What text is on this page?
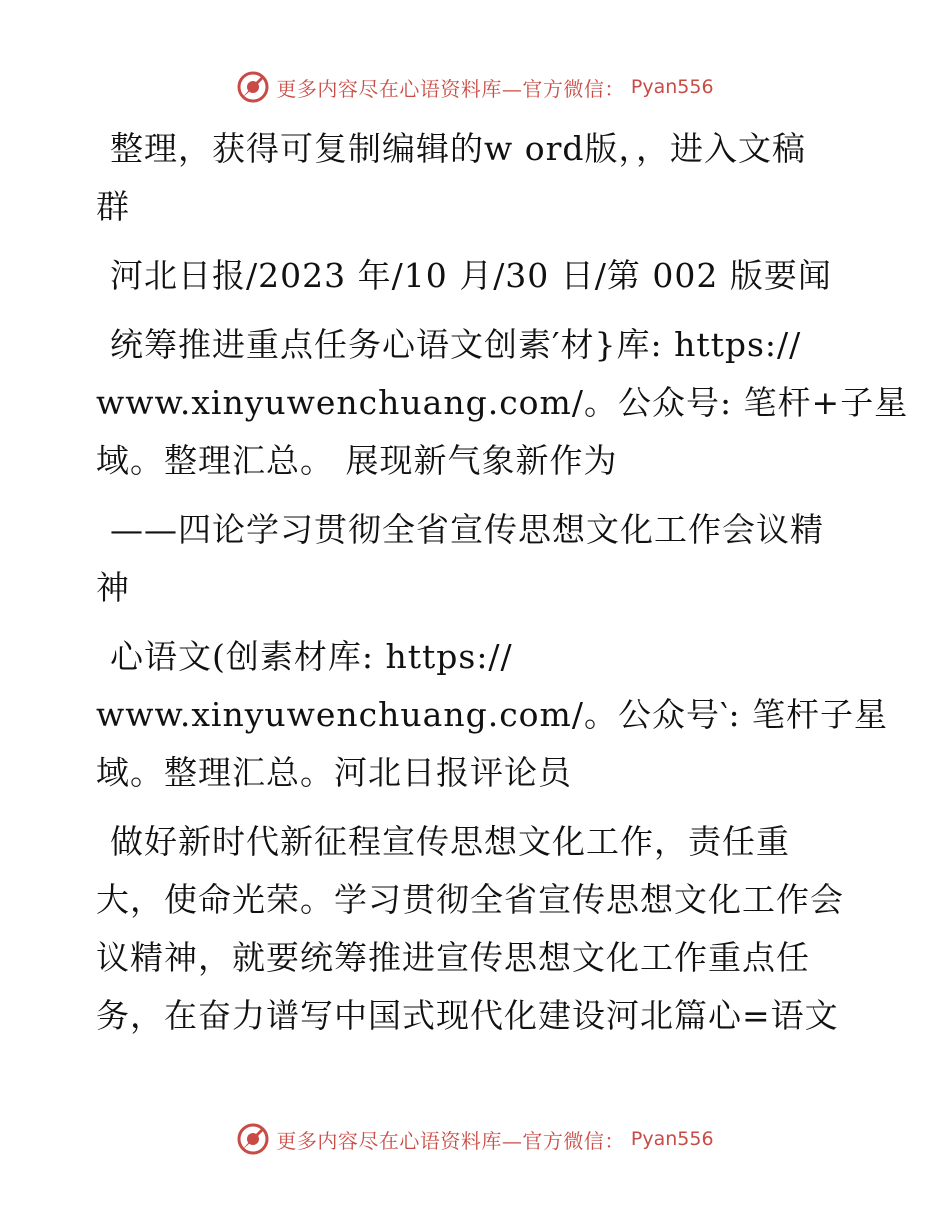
更多内容尽在心语资料库—官方微信： Pyan556
整理，获得可复制编辑的w ord版，，进入文稿
群
河北日报/2023 年/10 月/30 日/第 002 版要闻
统筹推进重点任务心语文创素′材}库: https://
www.xinyuwenchuang.com/。公众号: 笔杆+子星
域。整理汇总。 展现新气象新作为
——四论学习贯彻全省宣传思想文化工作会议精
神
心语文(创素材库: https://
www.xinyuwenchuang.com/。公众号‵: 笔杆子星
域。整理汇总。河北日报评论员
做好新时代新征程宣传思想文化工作，责任重
大，使命光荣。学习贯彻全省宣传思想文化工作会
议精神，就要统筹推进宣传思想文化工作重点任
务，在奋力谱写中国式现代化建设河北篇心=语文
更多内容尽在心语资料库—官方微信： Pyan556
